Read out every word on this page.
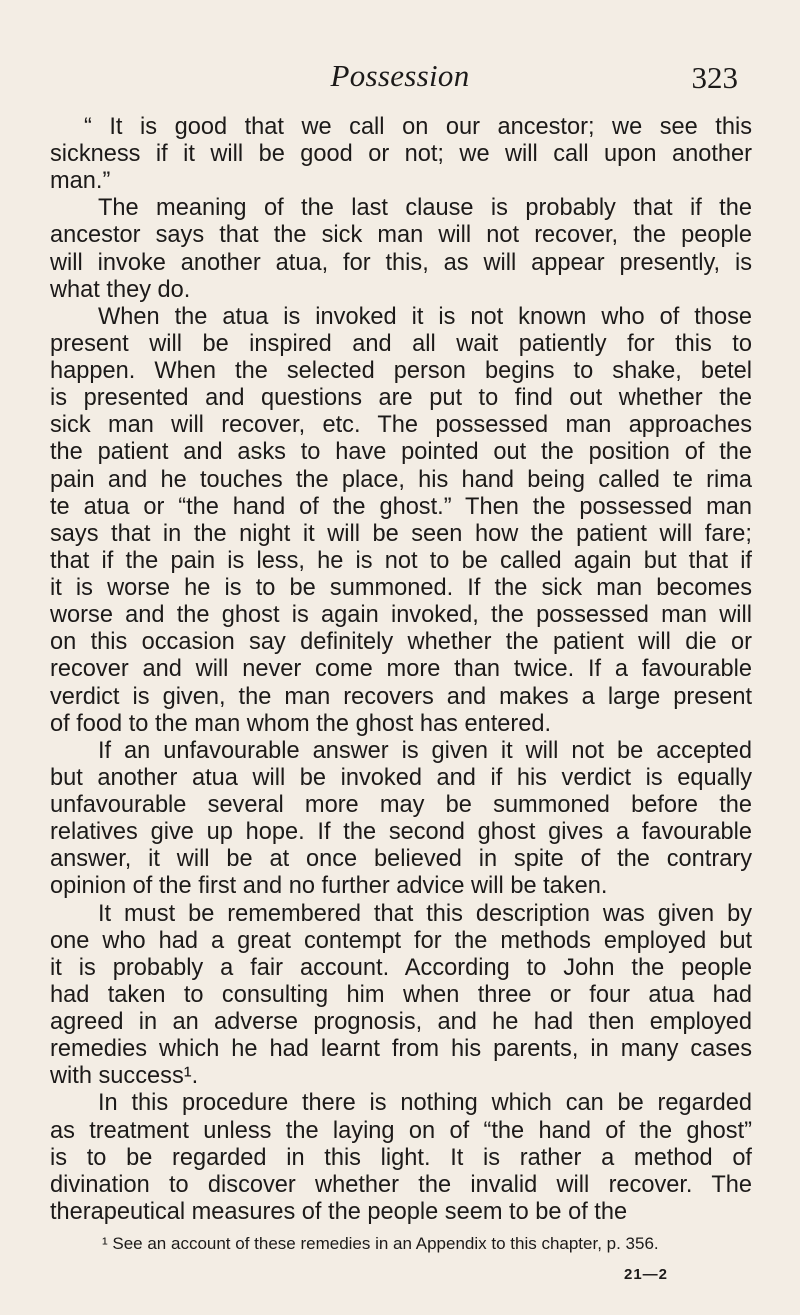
Possession	323
“ It is good that we call on our ancestor; we see this
sickness if it will be good or not; we will call upon another
man.”
The meaning of the last clause is probably that if the
ancestor says that the sick man will not recover, the people
will invoke another atua, for this, as will appear presently, is
what they do.
When the atua is invoked it is not known who of those
present will be inspired and all wait patiently for this to
happen. When the selected person begins to shake, betel
is presented and questions are put to find out whether the
sick man will recover, etc. The possessed man approaches
the patient and asks to have pointed out the position of the
pain and he touches the place, his hand being called te rima
te atua or “the hand of the ghost.” Then the possessed man
says that in the night it will be seen how the patient will fare;
that if the pain is less, he is not to be called again but that if
it is worse he is to be summoned. If the sick man becomes
worse and the ghost is again invoked, the possessed man will
on this occasion say definitely whether the patient will die or
recover and will never come more than twice. If a favourable
verdict is given, the man recovers and makes a large present
of food to the man whom the ghost has entered.
If an unfavourable answer is given it will not be accepted
but another atua will be invoked and if his verdict is equally
unfavourable several more may be summoned before the
relatives give up hope. If the second ghost gives a favourable
answer, it will be at once believed in spite of the contrary
opinion of the first and no further advice will be taken.
It must be remembered that this description was given by
one who had a great contempt for the methods employed but
it is probably a fair account. According to John the people
had taken to consulting him when three or four atua had
agreed in an adverse prognosis, and he had then employed
remedies which he had learnt from his parents, in many cases
with success¹.
In this procedure there is nothing which can be regarded
as treatment unless the laying on of “the hand of the ghost”
is to be regarded in this light. It is rather a method of
divination to discover whether the invalid will recover. The
therapeutical measures of the people seem to be of the
¹ See an account of these remedies in an Appendix to this chapter, p. 356.
21—2
